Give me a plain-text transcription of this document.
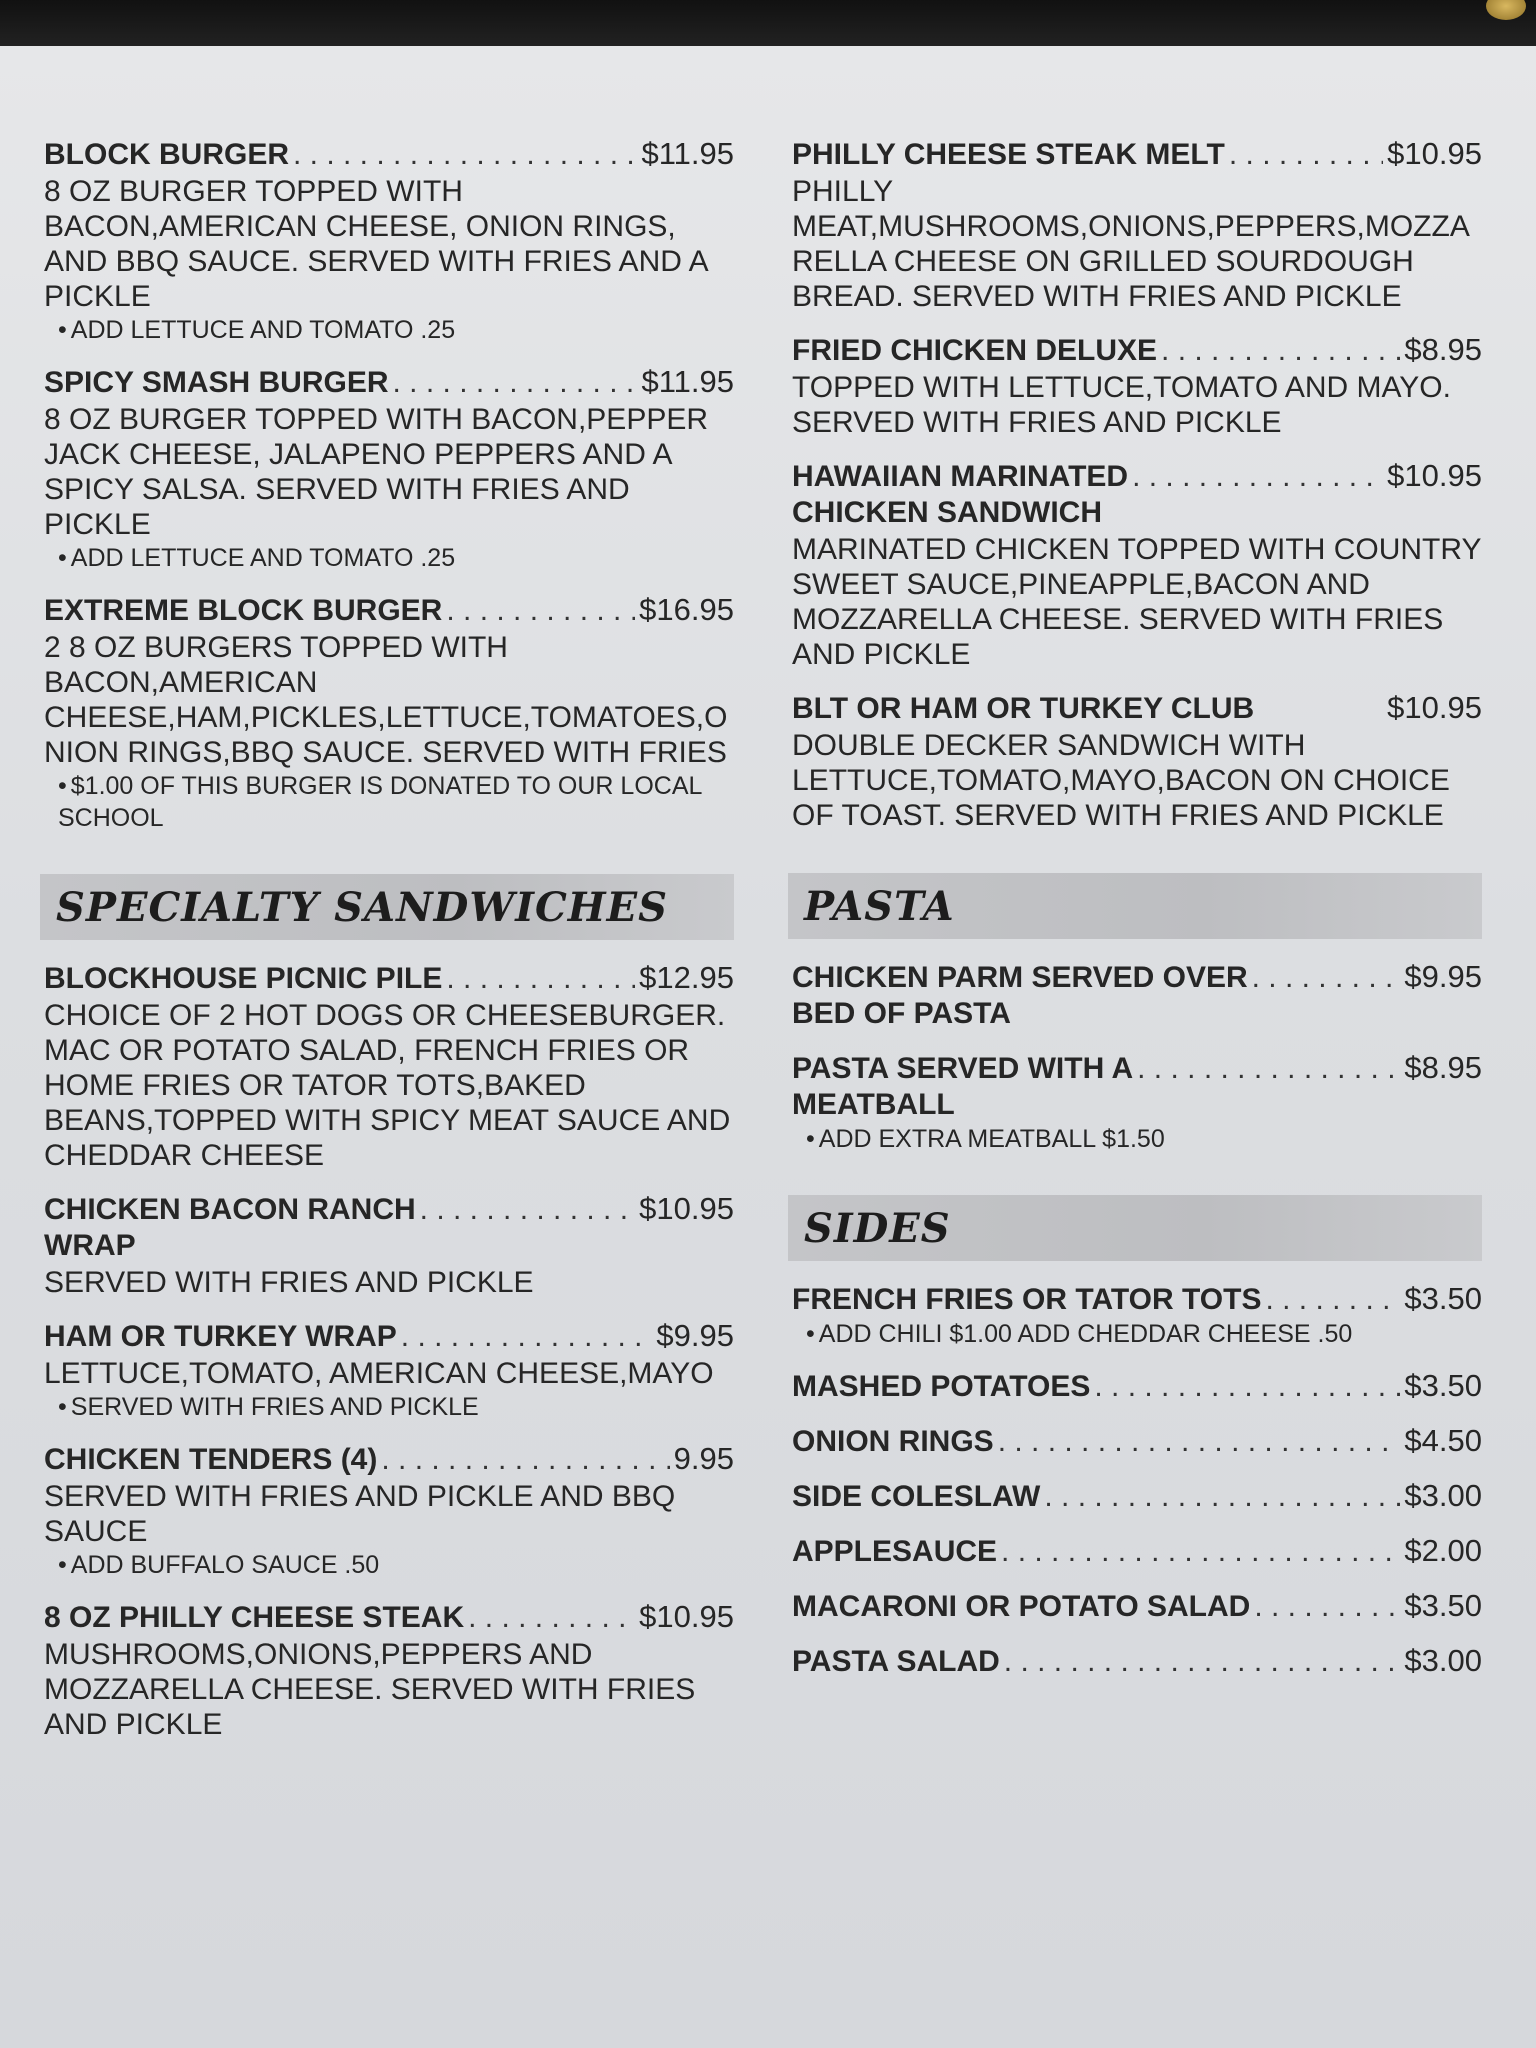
BLOCK BURGER . . .	$11.95
8 OZ BURGER TOPPED WITH BACON,AMERICAN CHEESE, ONION RINGS, AND BBQ SAUCE. SERVED WITH FRIES AND A PICKLE
• ADD LETTUCE AND TOMATO .25
SPICY SMASH BURGER . . .	$11.95
8 OZ BURGER TOPPED WITH BACON,PEPPER JACK CHEESE, JALAPENO PEPPERS AND A SPICY SALSA. SERVED WITH FRIES AND PICKLE
• ADD LETTUCE AND TOMATO .25
EXTREME BLOCK BURGER . . .	$16.95
2 8 OZ BURGERS TOPPED WITH BACON,AMERICAN CHEESE,HAM,PICKLES,LETTUCE,TOMATOES,ONION RINGS,BBQ SAUCE. SERVED WITH FRIES
• $1.00 OF THIS BURGER IS DONATED TO OUR LOCAL SCHOOL
SPECIALTY SANDWICHES
BLOCKHOUSE PICNIC PILE . . .	$12.95
CHOICE OF 2 HOT DOGS OR CHEESEBURGER. MAC OR POTATO SALAD, FRENCH FRIES OR HOME FRIES OR TATOR TOTS,BAKED BEANS,TOPPED WITH SPICY MEAT SAUCE AND CHEDDAR CHEESE
CHICKEN BACON RANCH . . .	$10.95
WRAP
SERVED WITH FRIES AND PICKLE
HAM OR TURKEY WRAP . . .	$9.95
LETTUCE,TOMATO, AMERICAN CHEESE,MAYO
• SERVED WITH FRIES AND PICKLE
CHICKEN TENDERS (4) . . .	9.95
SERVED WITH FRIES AND PICKLE AND BBQ SAUCE
• ADD BUFFALO SAUCE .50
8 OZ PHILLY CHEESE STEAK . . .	$10.95
MUSHROOMS,ONIONS,PEPPERS AND MOZZARELLA CHEESE. SERVED WITH FRIES AND PICKLE
PHILLY CHEESE STEAK MELT . . .	$10.95
PHILLY MEAT,MUSHROOMS,ONIONS,PEPPERS,MOZZARELLA CHEESE ON GRILLED SOURDOUGH BREAD. SERVED WITH FRIES AND PICKLE
FRIED CHICKEN DELUXE . . .	$8.95
TOPPED WITH LETTUCE,TOMATO AND MAYO. SERVED WITH FRIES AND PICKLE
HAWAIIAN MARINATED . . .	$10.95
CHICKEN SANDWICH
MARINATED CHICKEN TOPPED WITH COUNTRY SWEET SAUCE,PINEAPPLE,BACON AND MOZZARELLA CHEESE. SERVED WITH FRIES AND PICKLE
BLT OR HAM OR TURKEY CLUB	$10.95
DOUBLE DECKER SANDWICH WITH LETTUCE,TOMATO,MAYO,BACON ON CHOICE OF TOAST. SERVED WITH FRIES AND PICKLE
PASTA
CHICKEN PARM SERVED OVER . . .	$9.95
BED OF PASTA
PASTA SERVED WITH A . . .	$8.95
MEATBALL
• ADD EXTRA MEATBALL $1.50
SIDES
FRENCH FRIES OR TATOR TOTS . . .	$3.50
• ADD CHILI $1.00 ADD CHEDDAR CHEESE .50
MASHED POTATOES . . .	$3.50
ONION RINGS . . .	$4.50
SIDE COLESLAW . . .	$3.00
APPLESAUCE . . .	$2.00
MACARONI OR POTATO SALAD . . .	$3.50
PASTA SALAD . . .	$3.00
